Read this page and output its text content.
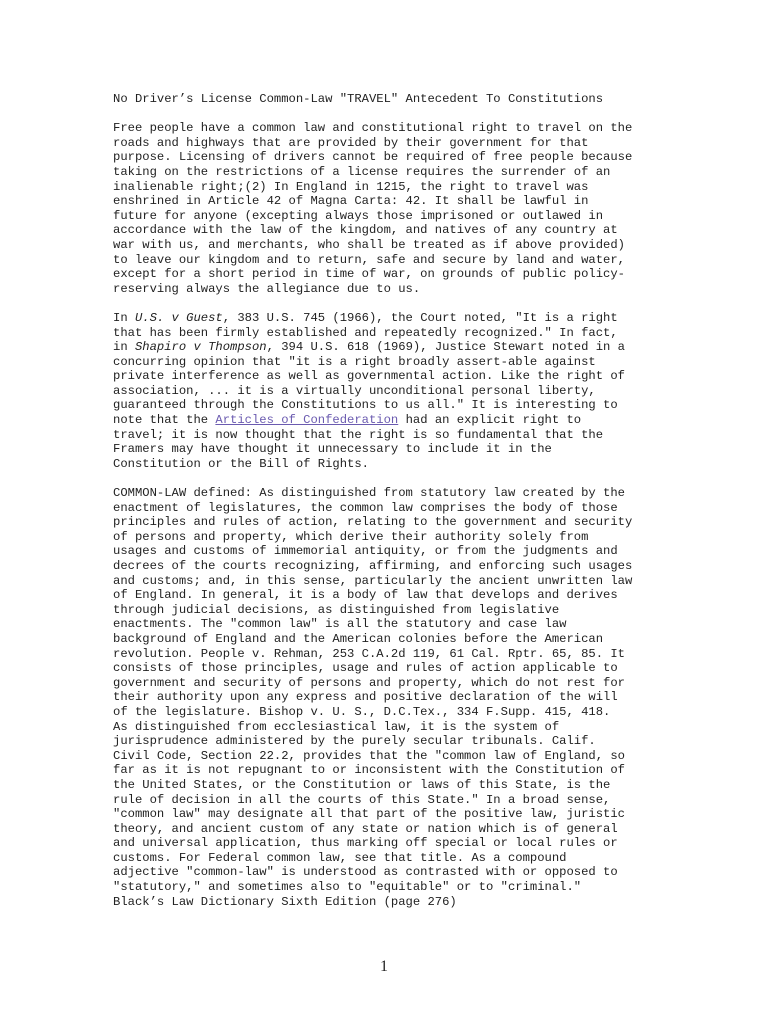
No Driver’s License Common-Law "TRAVEL" Antecedent To Constitutions

Free people have a common law and constitutional right to travel on the
roads and highways that are provided by their government for that
purpose. Licensing of drivers cannot be required of free people because
taking on the restrictions of a license requires the surrender of an
inalienable right;(2) In England in 1215, the right to travel was
enshrined in Article 42 of Magna Carta: 42. It shall be lawful in
future for anyone (excepting always those imprisoned or outlawed in
accordance with the law of the kingdom, and natives of any country at
war with us, and merchants, who shall be treated as if above provided)
to leave our kingdom and to return, safe and secure by land and water,
except for a short period in time of war, on grounds of public policy-
reserving always the allegiance due to us.

In U.S. v Guest, 383 U.S. 745 (1966), the Court noted, "It is a right
that has been firmly established and repeatedly recognized." In fact,
in Shapiro v Thompson, 394 U.S. 618 (1969), Justice Stewart noted in a
concurring opinion that "it is a right broadly assert-able against
private interference as well as governmental action. Like the right of
association, ... it is a virtually unconditional personal liberty,
guaranteed through the Constitutions to us all." It is interesting to
note that the Articles of Confederation had an explicit right to
travel; it is now thought that the right is so fundamental that the
Framers may have thought it unnecessary to include it in the
Constitution or the Bill of Rights.

COMMON-LAW defined: As distinguished from statutory law created by the
enactment of legislatures, the common law comprises the body of those
principles and rules of action, relating to the government and security
of persons and property, which derive their authority solely from
usages and customs of immemorial antiquity, or from the judgments and
decrees of the courts recognizing, affirming, and enforcing such usages
and customs; and, in this sense, particularly the ancient unwritten law
of England. In general, it is a body of law that develops and derives
through judicial decisions, as distinguished from legislative
enactments. The "common law" is all the statutory and case law
background of England and the American colonies before the American
revolution. People v. Rehman, 253 C.A.2d 119, 61 Cal. Rptr. 65, 85. It
consists of those principles, usage and rules of action applicable to
government and security of persons and property, which do not rest for
their authority upon any express and positive declaration of the will
of the legislature. Bishop v. U. S., D.C.Tex., 334 F.Supp. 415, 418.
As distinguished from ecclesiastical law, it is the system of
jurisprudence administered by the purely secular tribunals. Calif.
Civil Code, Section 22.2, provides that the "common law of England, so
far as it is not repugnant to or inconsistent with the Constitution of
the United States, or the Constitution or laws of this State, is the
rule of decision in all the courts of this State." In a broad sense,
"common law" may designate all that part of the positive law, juristic
theory, and ancient custom of any state or nation which is of general
and universal application, thus marking off special or local rules or
customs. For Federal common law, see that title. As a compound
adjective "common-law" is understood as contrasted with or opposed to
"statutory," and sometimes also to "equitable" or to "criminal."
Black’s Law Dictionary Sixth Edition (page 276)

1
